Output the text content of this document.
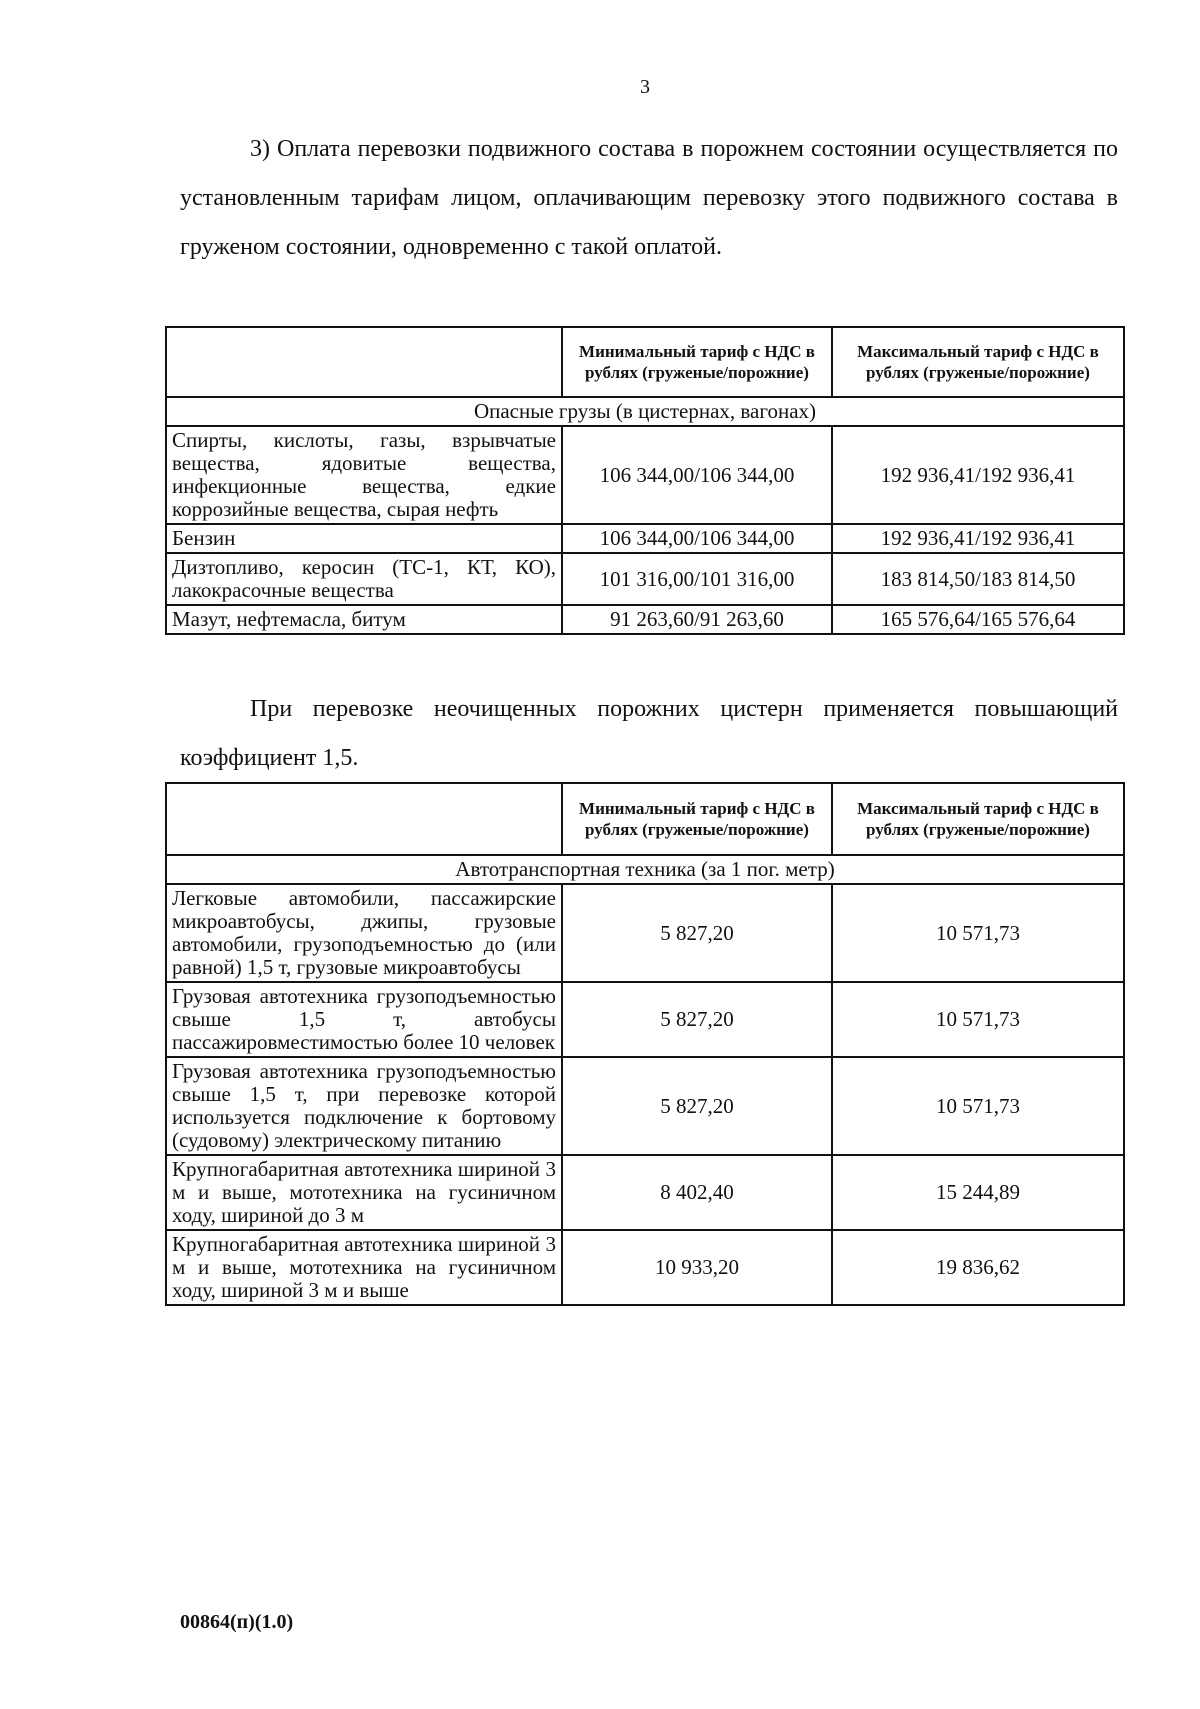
3

3) Оплата перевозки подвижного состава в порожнем состоянии осуществляется по установленным тарифам лицом, оплачивающим перевозку этого подвижного состава в груженом состоянии, одновременно с такой оплатой.

	Минимальный тариф с НДС в рублях (груженые/порожние)	Максимальный тариф с НДС в рублях (груженые/порожние)
Опасные грузы (в цистернах, вагонах)		
Спирты, кислоты, газы, взрывчатые вещества, ядовитые вещества, инфекционные вещества, едкие коррозийные вещества, сырая нефть	106 344,00/106 344,00	192 936,41/192 936,41
Бензин	106 344,00/106 344,00	192 936,41/192 936,41
Дизтопливо, керосин (ТС-1, КТ, КО), лакокрасочные вещества	101 316,00/101 316,00	183 814,50/183 814,50
Мазут, нефтемасла, битум	91 263,60/91 263,60	165 576,64/165 576,64

При перевозке неочищенных порожних цистерн применяется повышающий коэффициент 1,5.

	Минимальный тариф с НДС в рублях (груженые/порожние)	Максимальный тариф с НДС в рублях (груженые/порожние)
Автотранспортная техника (за 1 пог. метр)		
Легковые автомобили, пассажирские микроавтобусы, джипы, грузовые автомобили, грузоподъемностью до (или равной) 1,5 т, грузовые микроавтобусы	5 827,20	10 571,73
Грузовая автотехника грузоподъемностью свыше 1,5 т, автобусы пассажировместимостью более 10 человек	5 827,20	10 571,73
Грузовая автотехника грузоподъемностью свыше 1,5 т, при перевозке которой используется подключение к бортовому (судовому) электрическому питанию	5 827,20	10 571,73
Крупногабаритная автотехника шириной 3 м и выше, мототехника на гусиничном ходу, шириной до 3 м	8 402,40	15 244,89
Крупногабаритная автотехника шириной 3 м и выше, мототехника на гусиничном ходу, шириной 3 м и выше	10 933,20	19 836,62
00864(п)(1.0)
